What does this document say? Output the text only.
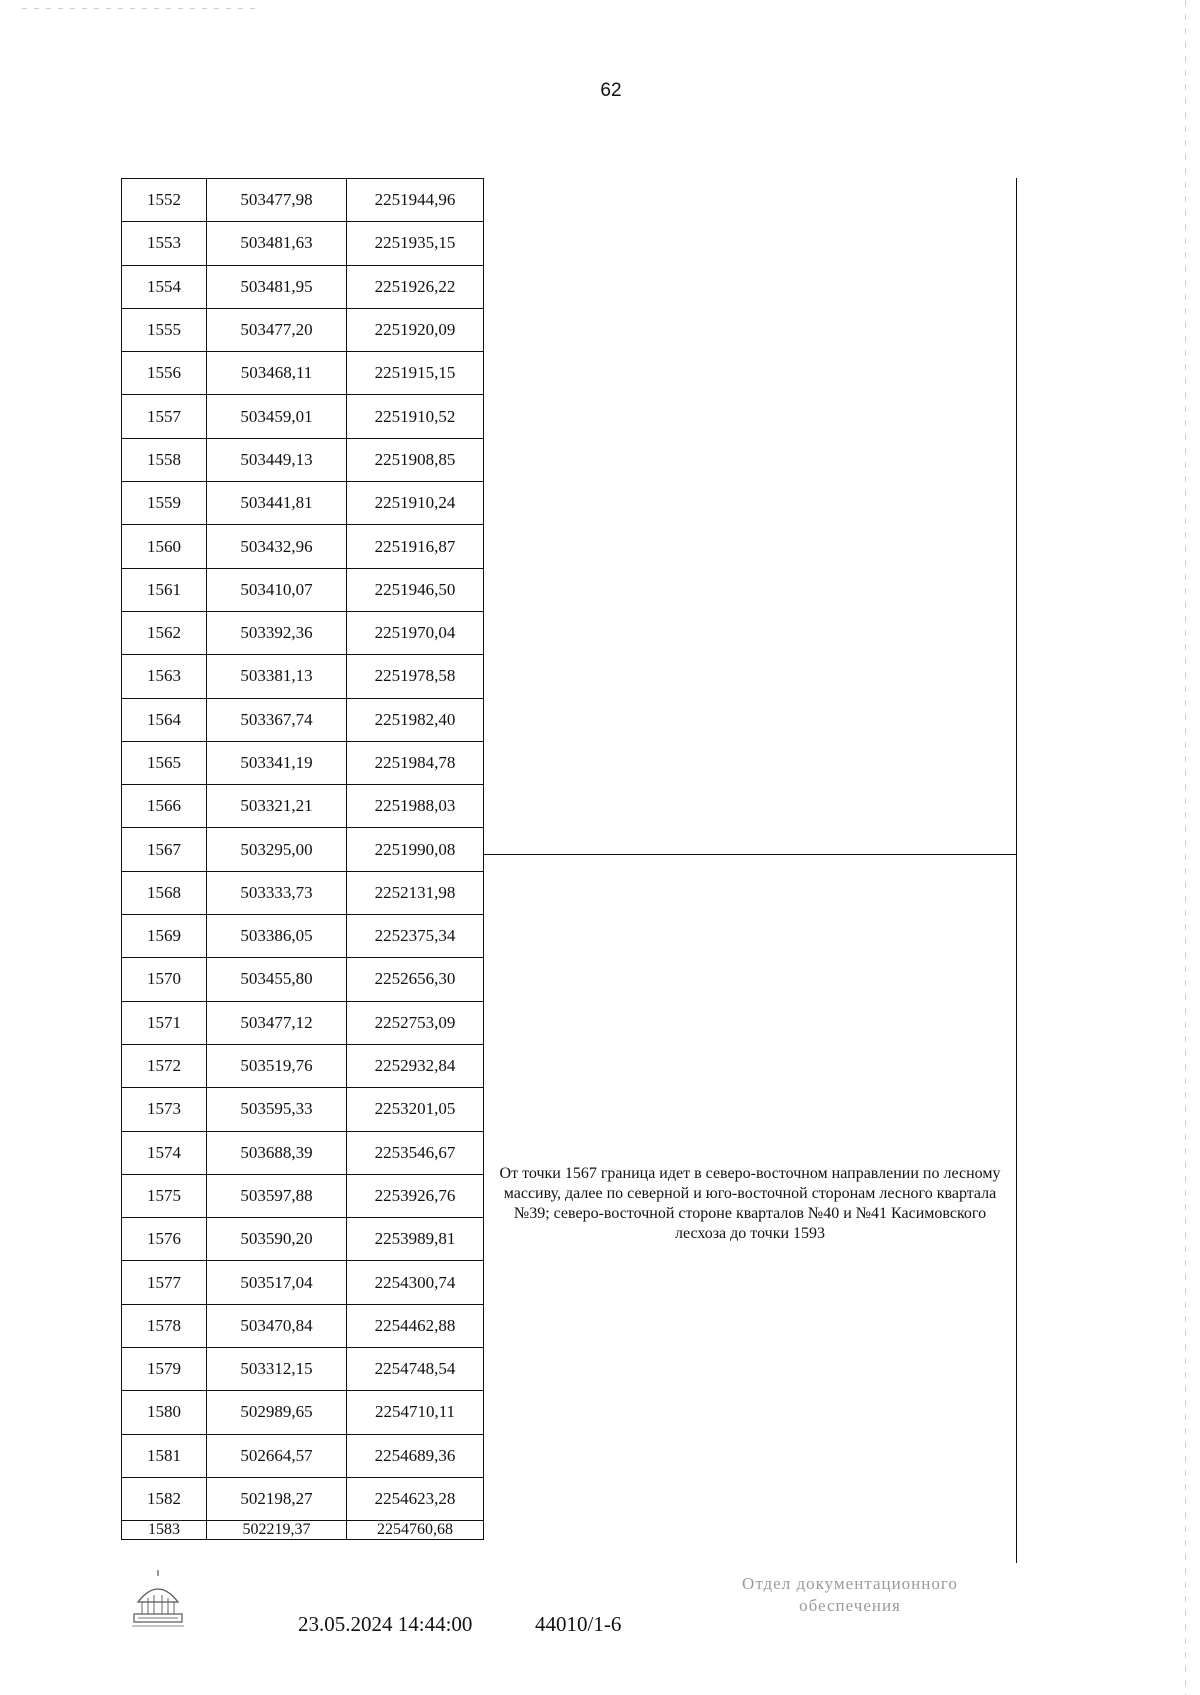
62
1552	503477,98	2251944,96
1553	503481,63	2251935,15
1554	503481,95	2251926,22
1555	503477,20	2251920,09
1556	503468,11	2251915,15
1557	503459,01	2251910,52
1558	503449,13	2251908,85
1559	503441,81	2251910,24
1560	503432,96	2251916,87
1561	503410,07	2251946,50
1562	503392,36	2251970,04
1563	503381,13	2251978,58
1564	503367,74	2251982,40
1565	503341,19	2251984,78
1566	503321,21	2251988,03
1567	503295,00	2251990,08
1568	503333,73	2252131,98
1569	503386,05	2252375,34
1570	503455,80	2252656,30
1571	503477,12	2252753,09
1572	503519,76	2252932,84
1573	503595,33	2253201,05
1574	503688,39	2253546,67
1575	503597,88	2253926,76
1576	503590,20	2253989,81
1577	503517,04	2254300,74
1578	503470,84	2254462,88
1579	503312,15	2254748,54
1580	502989,65	2254710,11
1581	502664,57	2254689,36
1582	502198,27	2254623,28
1583	502219,37	2254760,68
От точки 1567 граница идет в северо-восточном направлении по лесному массиву, далее по северной и юго-восточной сторонам лесного квартала №39; северо-восточной стороне кварталов №40 и №41 Касимовского лесхоза до точки 1593
23.05.2024 14:44:00	44010/1-6
Отдел документационного обеспечения
